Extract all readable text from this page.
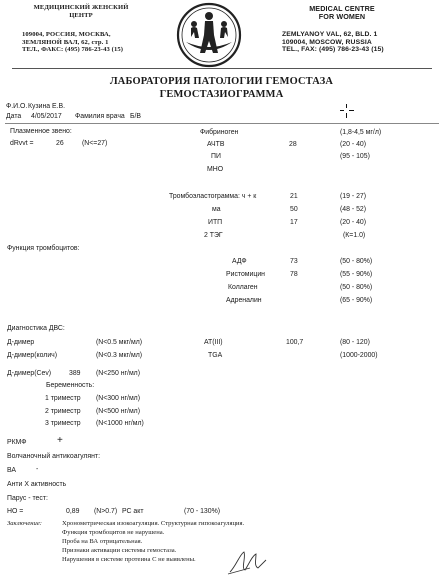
МЕДИЦИНСКИЙ ЖЕНСКИЙ
ЦЕНТР
109004, РОССИЯ, МОСКВА,
ЗЕМЛЯНОЙ ВАЛ, 62, стр. 1
ТЕЛ., ФАКС: (495) 786-23-43 (15)
MEDICAL CENTRE
FOR WOMEN
ZEMLYANOY VAL, 62, BLD. 1
109004, MOSCOW, RUSSIA
TEL., FAX: (495) 786-23-43 (15)
ЛАБОРАТОРИЯ ПАТОЛОГИИ ГЕМОСТАЗА
ГЕМОСТАЗИОГРАММА
Ф.И.О. Кузина Е.В.
Дата 4/05/2017 Фамилия врача Б/В
Плазменное звено:
dRvvt =	26	(N<=27)
Фибриноген	(1,8-4,5 мг/л)
АЧТВ	28	(20 - 40)
ПИ	(95 - 105)
МНО
Тромбоэластограмма: ч + к	21	(19 - 27)
ма	50	(48 - 52)
ИТП	17	(20 - 40)
2 ТЭГ	(К=1.0)
Функция тромбоцитов:
АДФ	73	(50 - 80%)
Ристомицин	78	(55 - 90%)
Коллаген	(50 - 80%)
Адреналин	(65 - 90%)
Диагностика ДВС:
Д-димер	(N<0.5 мкг/мл)
Д-димер(колич)	(N<0.3 мкг/мл)
АТ(III)	100,7	(80 - 120)
TGA	(1000-2000)
Д-димер(Cev)	389 (N<250 нг/мл)
Беременность:
1 триместр (N<300 нг/мл)
2 триместр (N<500 нг/мл)
3 триместр (N<1000 нг/мл)
РКМФ	+
Волчаночный антикоагулянт:
ВА	-
Анти Х активность
Парус - тест:
НО =	0,89 (N>0.7) РС акт	(70 - 130%)
Заключение:	Хронометрическая изокоагуляция. Структурная гипокоагуляция.
Функция тромбоцитов не нарушена.
Проба на ВА отрицательная.
Признаки активации системы гемостаза.
Нарушения в системе протеина С не выявлены.
